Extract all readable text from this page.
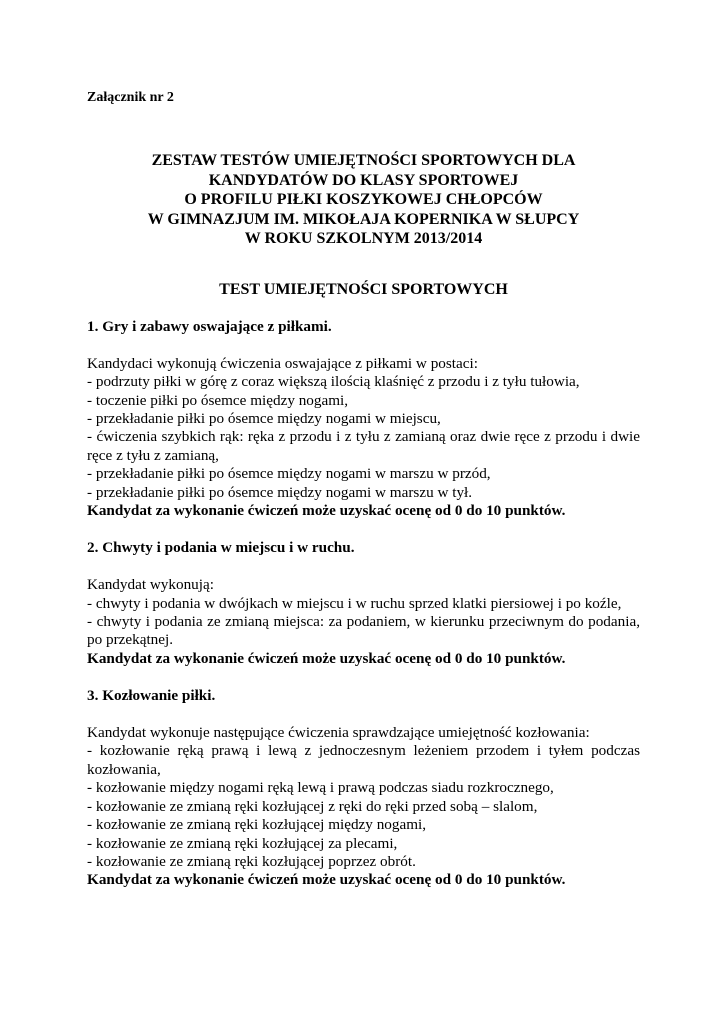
Załącznik nr 2

ZESTAW TESTÓW UMIEJĘTNOŚCI SPORTOWYCH DLA
KANDYDATÓW DO KLASY SPORTOWEJ
O PROFILU PIŁKI KOSZYKOWEJ CHŁOPCÓW
W GIMNAZJUM IM. MIKOŁAJA KOPERNIKA W SŁUPCY
W ROKU SZKOLNYM 2013/2014
TEST UMIEJĘTNOŚCI SPORTOWYCH

1. Gry i zabawy oswajające z piłkami.

Kandydaci wykonują ćwiczenia oswajające z piłkami w postaci:

- podrzuty piłki w górę z coraz większą ilością klaśnięć z przodu i z tyłu tułowia,

- toczenie piłki po ósemce między nogami,

- przekładanie piłki po ósemce między nogami w miejscu,

- ćwiczenia szybkich rąk: ręka z przodu i z tyłu z zamianą oraz dwie ręce z przodu i dwie ręce z tyłu z zamianą,

- przekładanie piłki po ósemce między nogami w marszu w przód,

- przekładanie piłki po ósemce między nogami w marszu w tył.

Kandydat za wykonanie ćwiczeń może uzyskać ocenę od 0 do 10 punktów.

2. Chwyty i podania w miejscu i w ruchu.

Kandydat wykonują:

- chwyty i podania w dwójkach w miejscu i w ruchu sprzed klatki piersiowej i po koźle,

- chwyty i podania ze zmianą miejsca: za podaniem, w kierunku przeciwnym do podania, po przekątnej.

Kandydat za wykonanie ćwiczeń może uzyskać ocenę od 0 do 10 punktów.

3. Kozłowanie piłki.

Kandydat wykonuje następujące ćwiczenia sprawdzające umiejętność kozłowania:

- kozłowanie ręką prawą i lewą z jednoczesnym leżeniem przodem i tyłem podczas kozłowania,

- kozłowanie między nogami ręką lewą i prawą podczas siadu rozkrocznego,

- kozłowanie ze zmianą ręki kozłującej z ręki do ręki przed sobą – slalom,

- kozłowanie ze zmianą ręki kozłującej między nogami,

- kozłowanie ze zmianą ręki kozłującej za plecami,

- kozłowanie ze zmianą ręki kozłującej poprzez obrót.

Kandydat za wykonanie ćwiczeń może uzyskać ocenę od 0 do 10 punktów.
